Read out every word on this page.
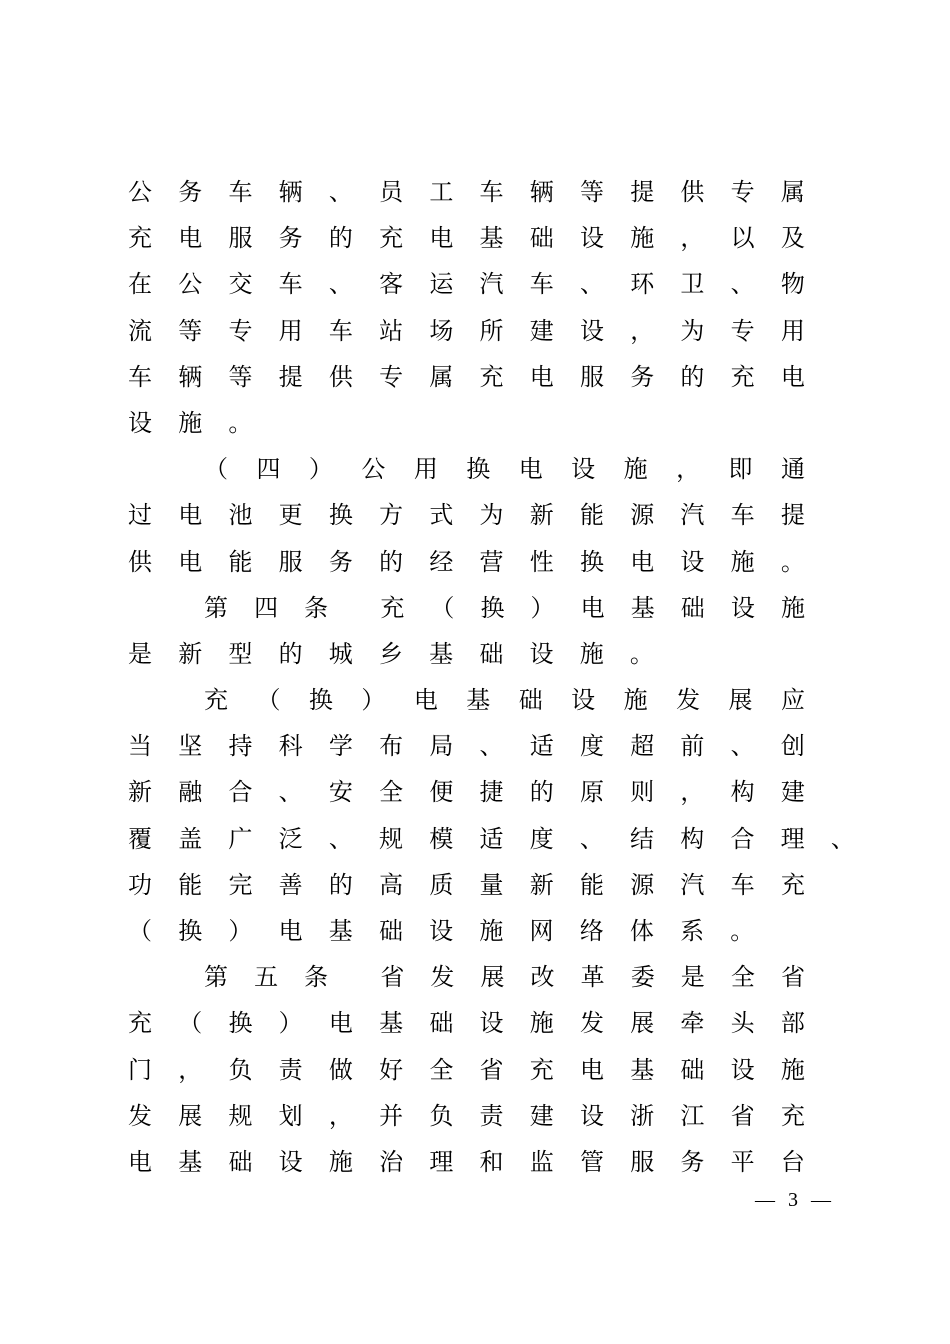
公 务 车 辆 、 员 工 车 辆 等 提 供 专 属
充 电 服 务 的 充 电 基 础 设 施 ， 以 及
在 公 交 车 、 客 运 汽 车 、 环 卫 、 物
流 等 专 用 车 站 场 所 建 设 ， 为 专 用
车 辆 等 提 供 专 属 充 电 服 务 的 充 电
设 施 。
（ 四 ） 公 用 换 电 设 施 ， 即 通
过 电 池 更 换 方 式 为 新 能 源 汽 车 提
供 电 能 服 务 的 经 营 性 换 电 设 施 。
第 四 条
　 充 （ 换 ） 电 基 础 设 施
是 新 型 的 城 乡 基 础 设 施 。
充 （ 换 ） 电 基 础 设 施 发 展 应
当 坚 持 科 学 布 局 、 适 度 超 前 、 创
新 融 合 、 安 全 便 捷 的 原 则 ， 构 建
覆 盖 广 泛 、 规 模 适 度 、 结 构 合 理 、
功 能 完 善 的 高 质 量 新 能 源 汽 车 充
（ 换 ） 电 基 础 设 施 网 络 体 系 。
第 五 条
　 省 发 展 改 革 委 是 全 省
充 （ 换 ） 电 基 础 设 施 发 展 牵 头 部
门 ， 负 责 做 好 全 省 充 电 基 础 设 施
发 展 规 划 ， 并 负 责 建 设 浙 江 省 充
电 基 础 设 施 治 理 和 监 管 服 务 平 台
— 3 —
